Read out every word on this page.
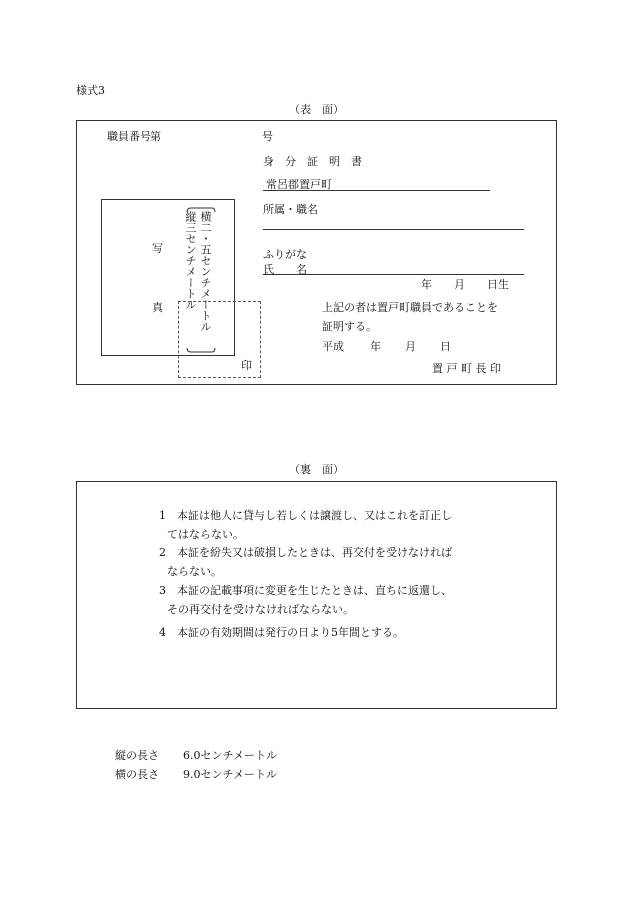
様式3
（表　面）
職員番号 第	号
身　分　証　明　書
常呂郡置戸町
所属・職名
ふりがな
氏　　名
年　　月　　日生
上記の者は置戸町職員であることを
証明する。
平成 年 月 日
置 戸 町 長 印
写
真	横二・五センチメートル
縦三センチメートル
印
（裏　面）
1　本証は他人に貸与し若しくは譲渡し、又はこれを訂正し
てはならない。
2　本証を紛失又は破損したときは、再交付を受けなければ
ならない。
3　本証の記載事項に変更を生じたときは、直ちに返還し、
その再交付を受けなければならない。
4　本証の有効期間は発行の日より5年間とする。
縦の長さ 6.0センチメートル
横の長さ 9.0センチメートル
